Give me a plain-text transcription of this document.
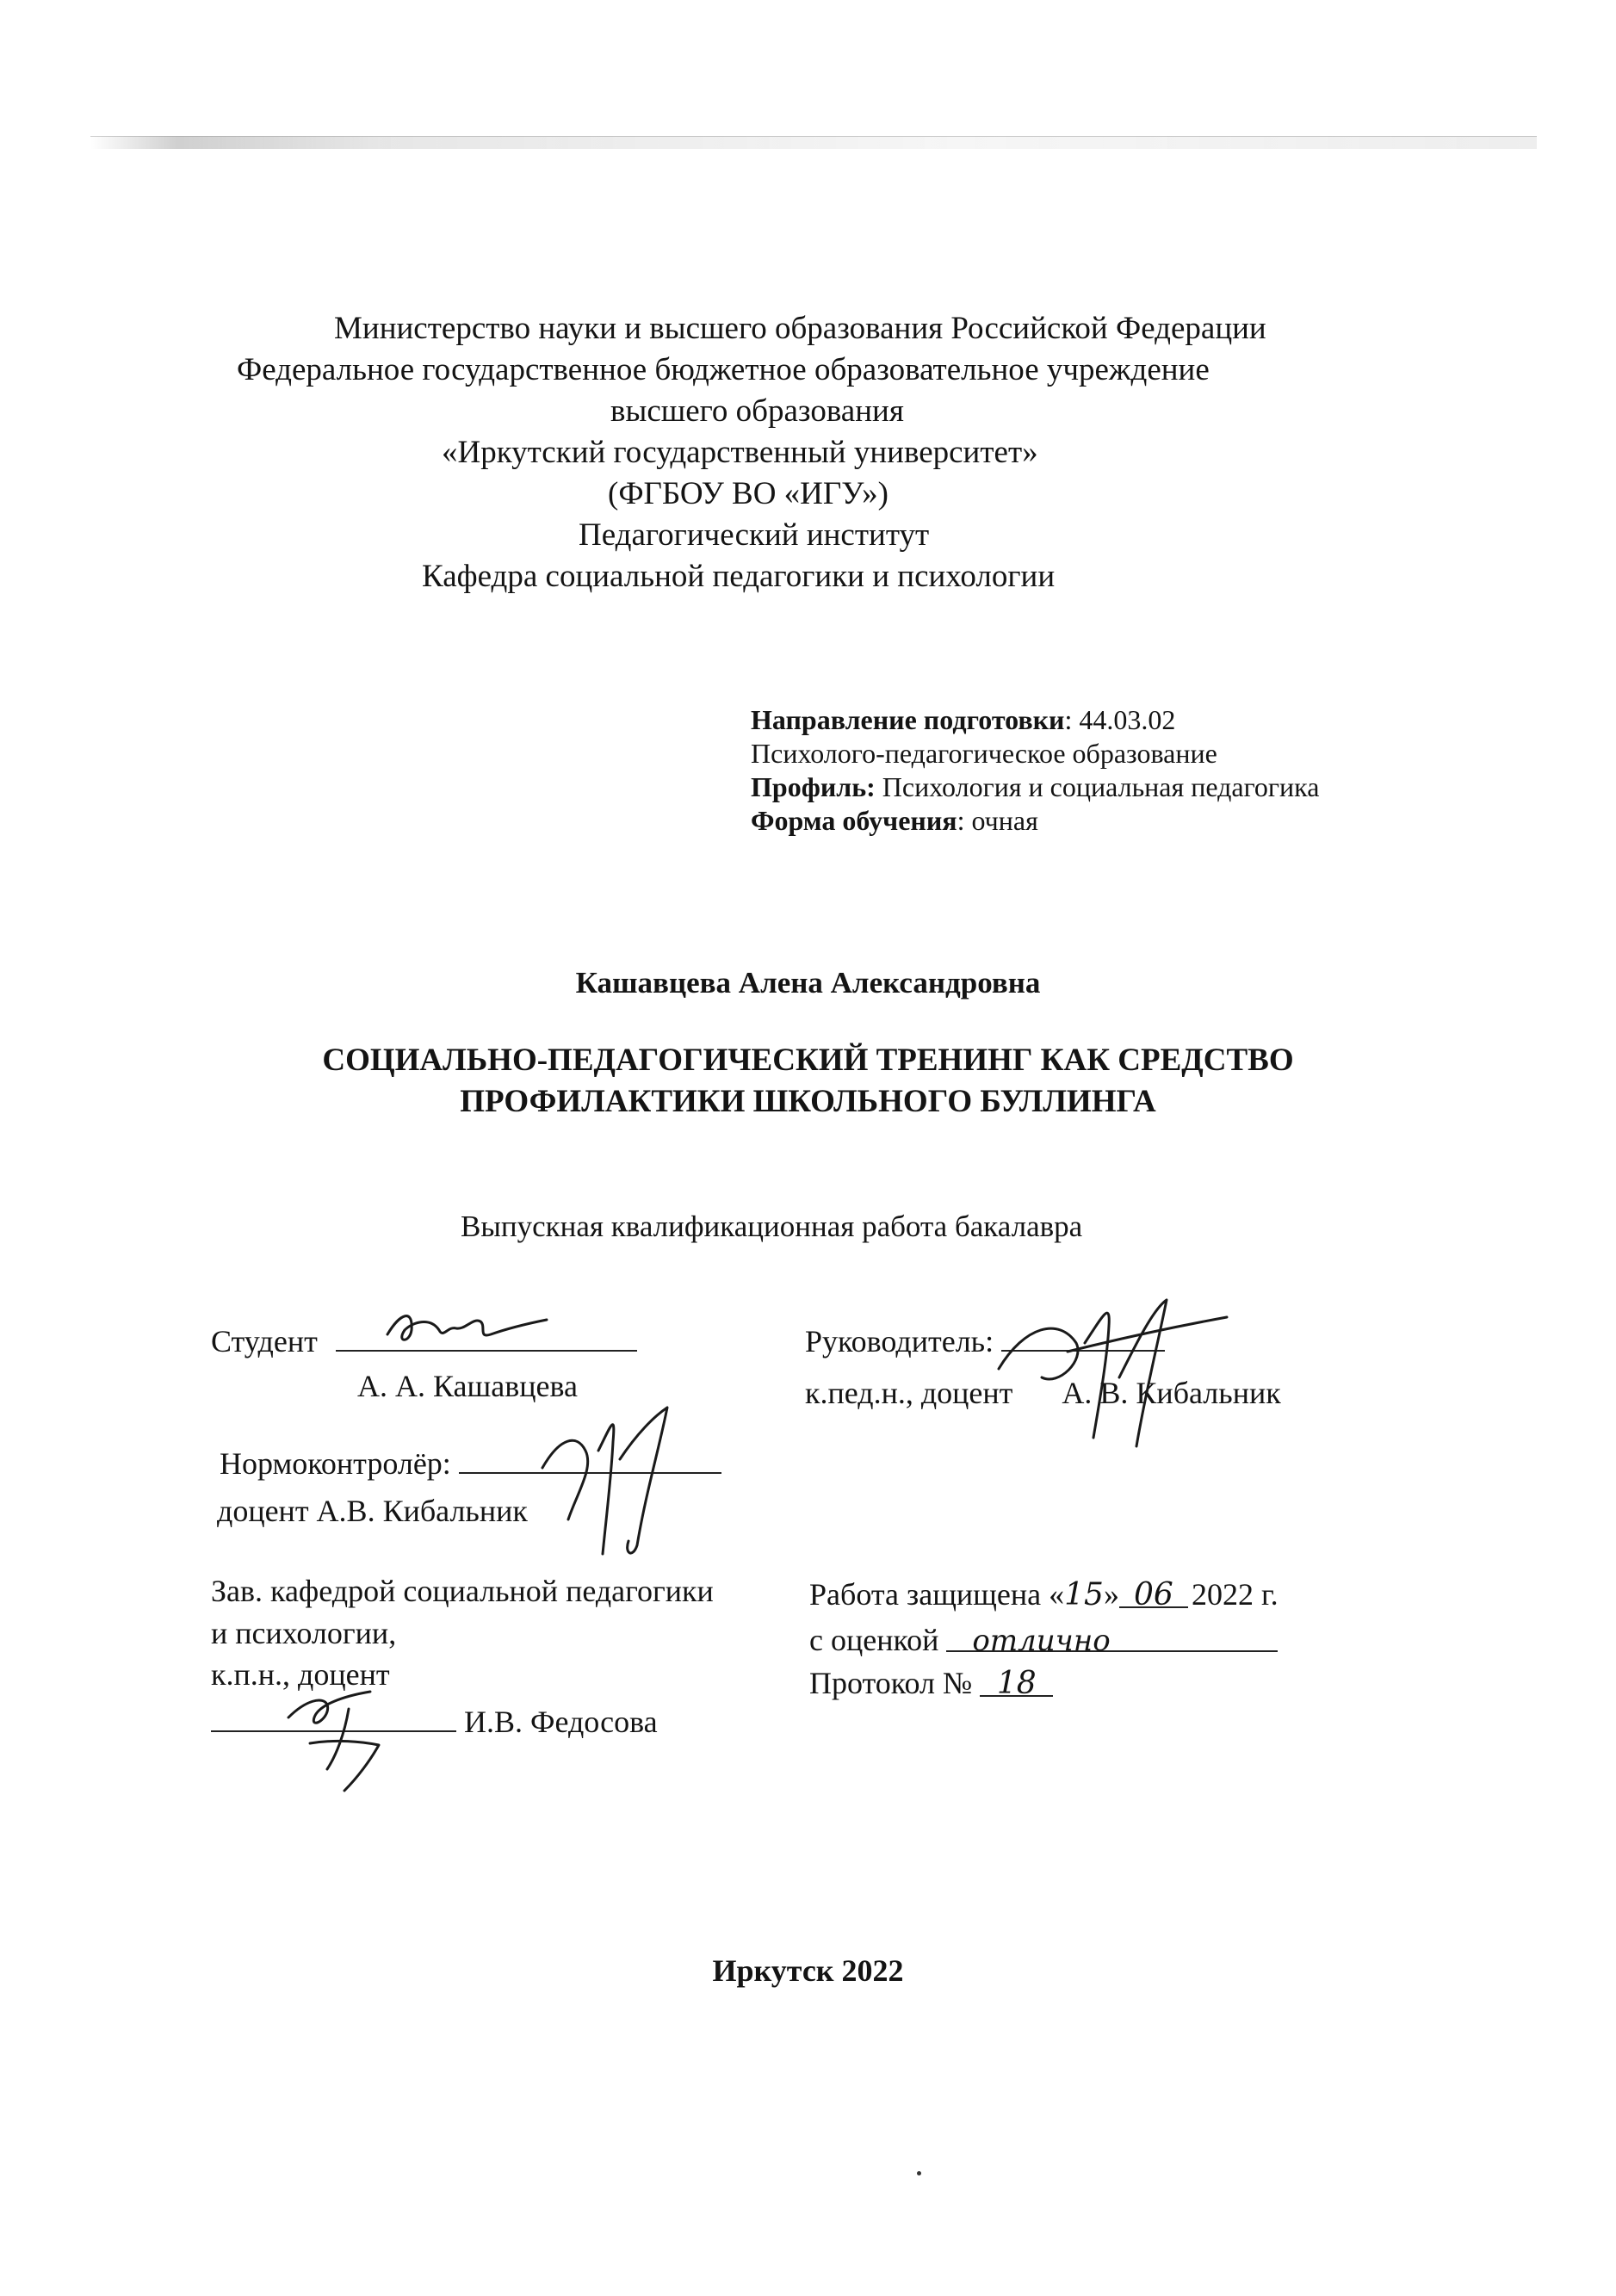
Министерство науки и высшего образования Российской Федерации
Федеральное государственное бюджетное образовательное учреждение
высшего образования
«Иркутский государственный университет»
(ФГБОУ ВО «ИГУ»)
Педагогический институт
Кафедра социальной педагогики и психологии
Направление подготовки: 44.03.02
Психолого-педагогическое образование
Профиль: Психология и социальная педагогика
Форма обучения: очная
Кашавцева Алена Александровна
СОЦИАЛЬНО-ПЕДАГОГИЧЕСКИЙ ТРЕНИНГ КАК СРЕДСТВО
ПРОФИЛАКТИКИ ШКОЛЬНОГО БУЛЛИНГА
Выпускная квалификационная работа бакалавра
Студент
А. А. Кашавцева
Руководитель:
к.пед.н., доцент А. В. Кибальник
Нормоконтролёр:
доцент А.В. Кибальник
Зав. кафедрой социальной педагогики
и психологии,
к.п.н., доцент
И.В. Федосова
Работа защищена «15» 06 2022 г.
с оценкой отлично
Протокол № 18
Иркутск 2022
